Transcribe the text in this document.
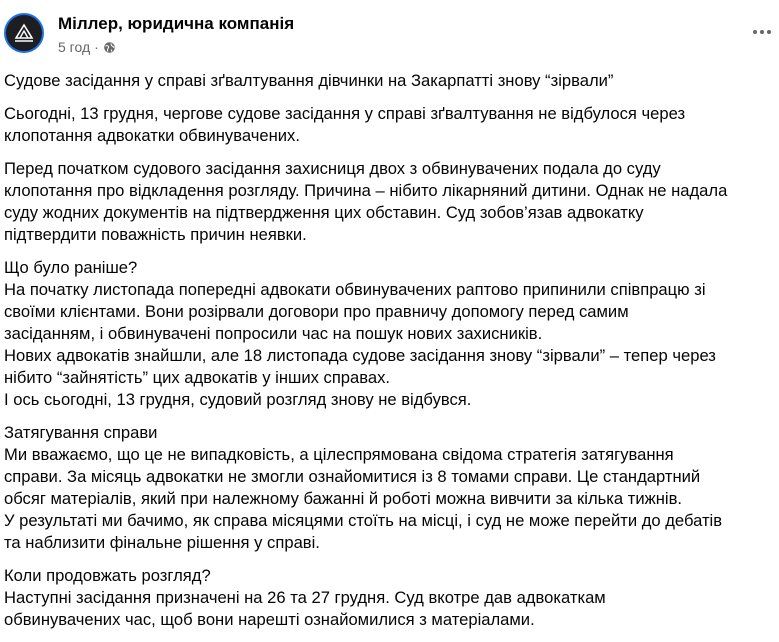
Міллер, юридична компанія
5 год ·

Судове засідання у справі зґвалтування дівчинки на Закарпатті знову “зірвали”

Сьогодні, 13 грудня, чергове судове засідання у справі зґвалтування не відбулося через
клопотання адвокатки обвинувачених.

Перед початком судового засідання захисниця двох з обвинувачених подала до суду
клопотання про відкладення розгляду. Причина – нібито лікарняний дитини. Однак не надала
суду жодних документів на підтвердження цих обставин. Суд зобов’язав адвокатку
підтвердити поважність причин неявки.

Що було раніше?
На початку листопада попередні адвокати обвинувачених раптово припинили співпрацю зі
своїми клієнтами. Вони розірвали договори про правничу допомогу перед самим
засіданням, і обвинувачені попросили час на пошук нових захисників.
Нових адвокатів знайшли, але 18 листопада судове засідання знову “зірвали” – тепер через
нібито “зайнятість” цих адвокатів у інших справах.
І ось сьогодні, 13 грудня, судовий розгляд знову не відбувся.

Затягування справи
Ми вважаємо, що це не випадковість, а цілеспрямована свідома стратегія затягування
справи. За місяць адвокатки не змогли ознайомитися із 8 томами справи. Це стандартний
обсяг матеріалів, який при належному бажанні й роботі можна вивчити за кілька тижнів.
У результаті ми бачимо, як справа місяцями стоїть на місці, і суд не може перейти до дебатів
та наблизити фінальне рішення у справі.

Коли продовжать розгляд?
Наступні засідання призначені на 26 та 27 грудня. Суд вкотре дав адвокаткам
обвинувачених час, щоб вони нарешті ознайомилися з матеріалами.
